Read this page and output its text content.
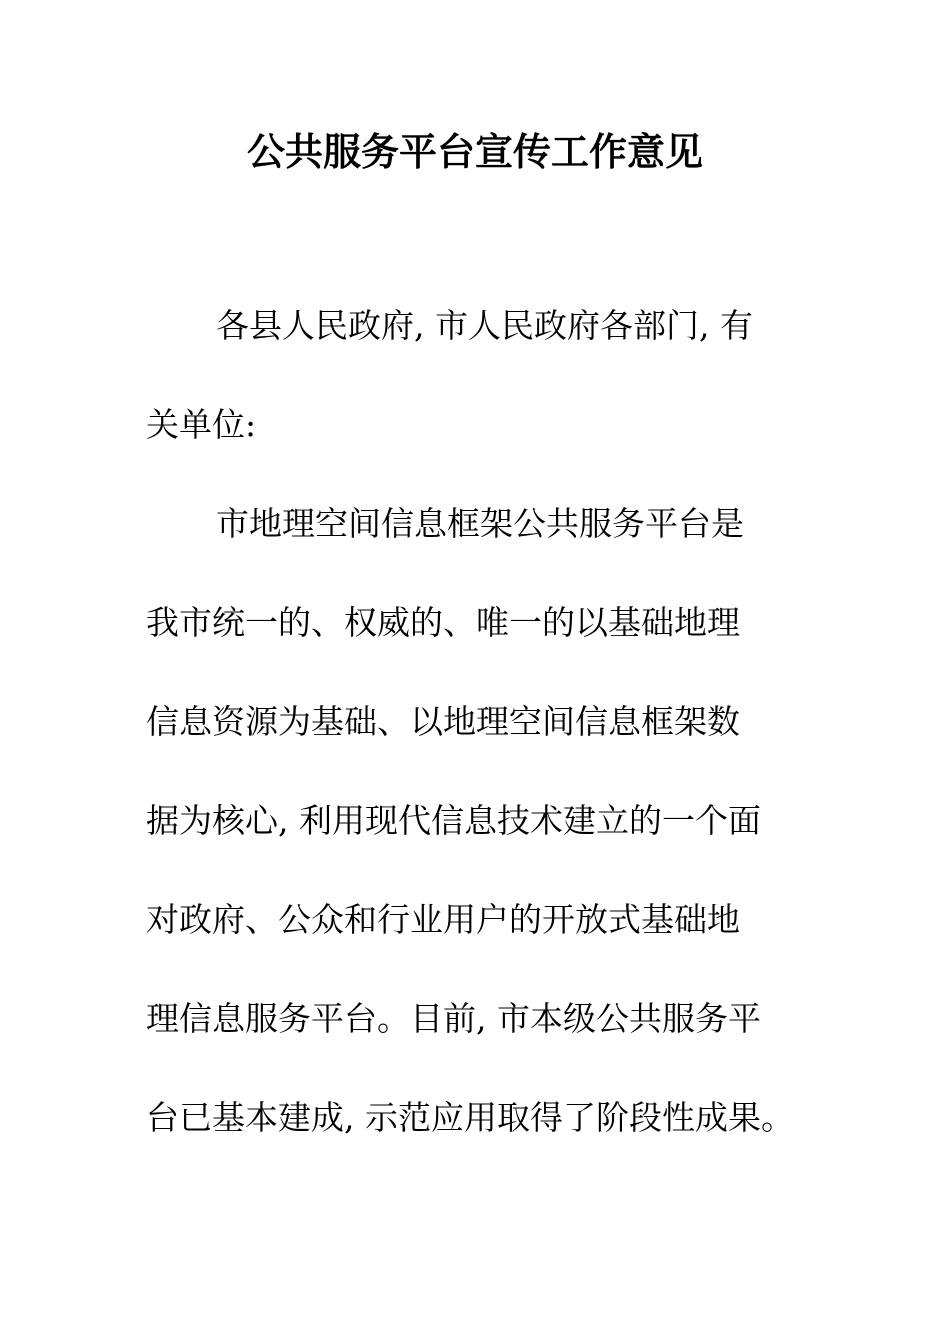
公共服务平台宣传工作意见
各县人民政府, 市人民政府各部门, 有
关单位:
市地理空间信息框架公共服务平台是
我市统一的、权威的、唯一的以基础地理
信息资源为基础、以地理空间信息框架数
据为核心, 利用现代信息技术建立的一个面
对政府、公众和行业用户的开放式基础地
理信息服务平台。目前, 市本级公共服务平
台已基本建成, 示范应用取得了阶段性成果。
